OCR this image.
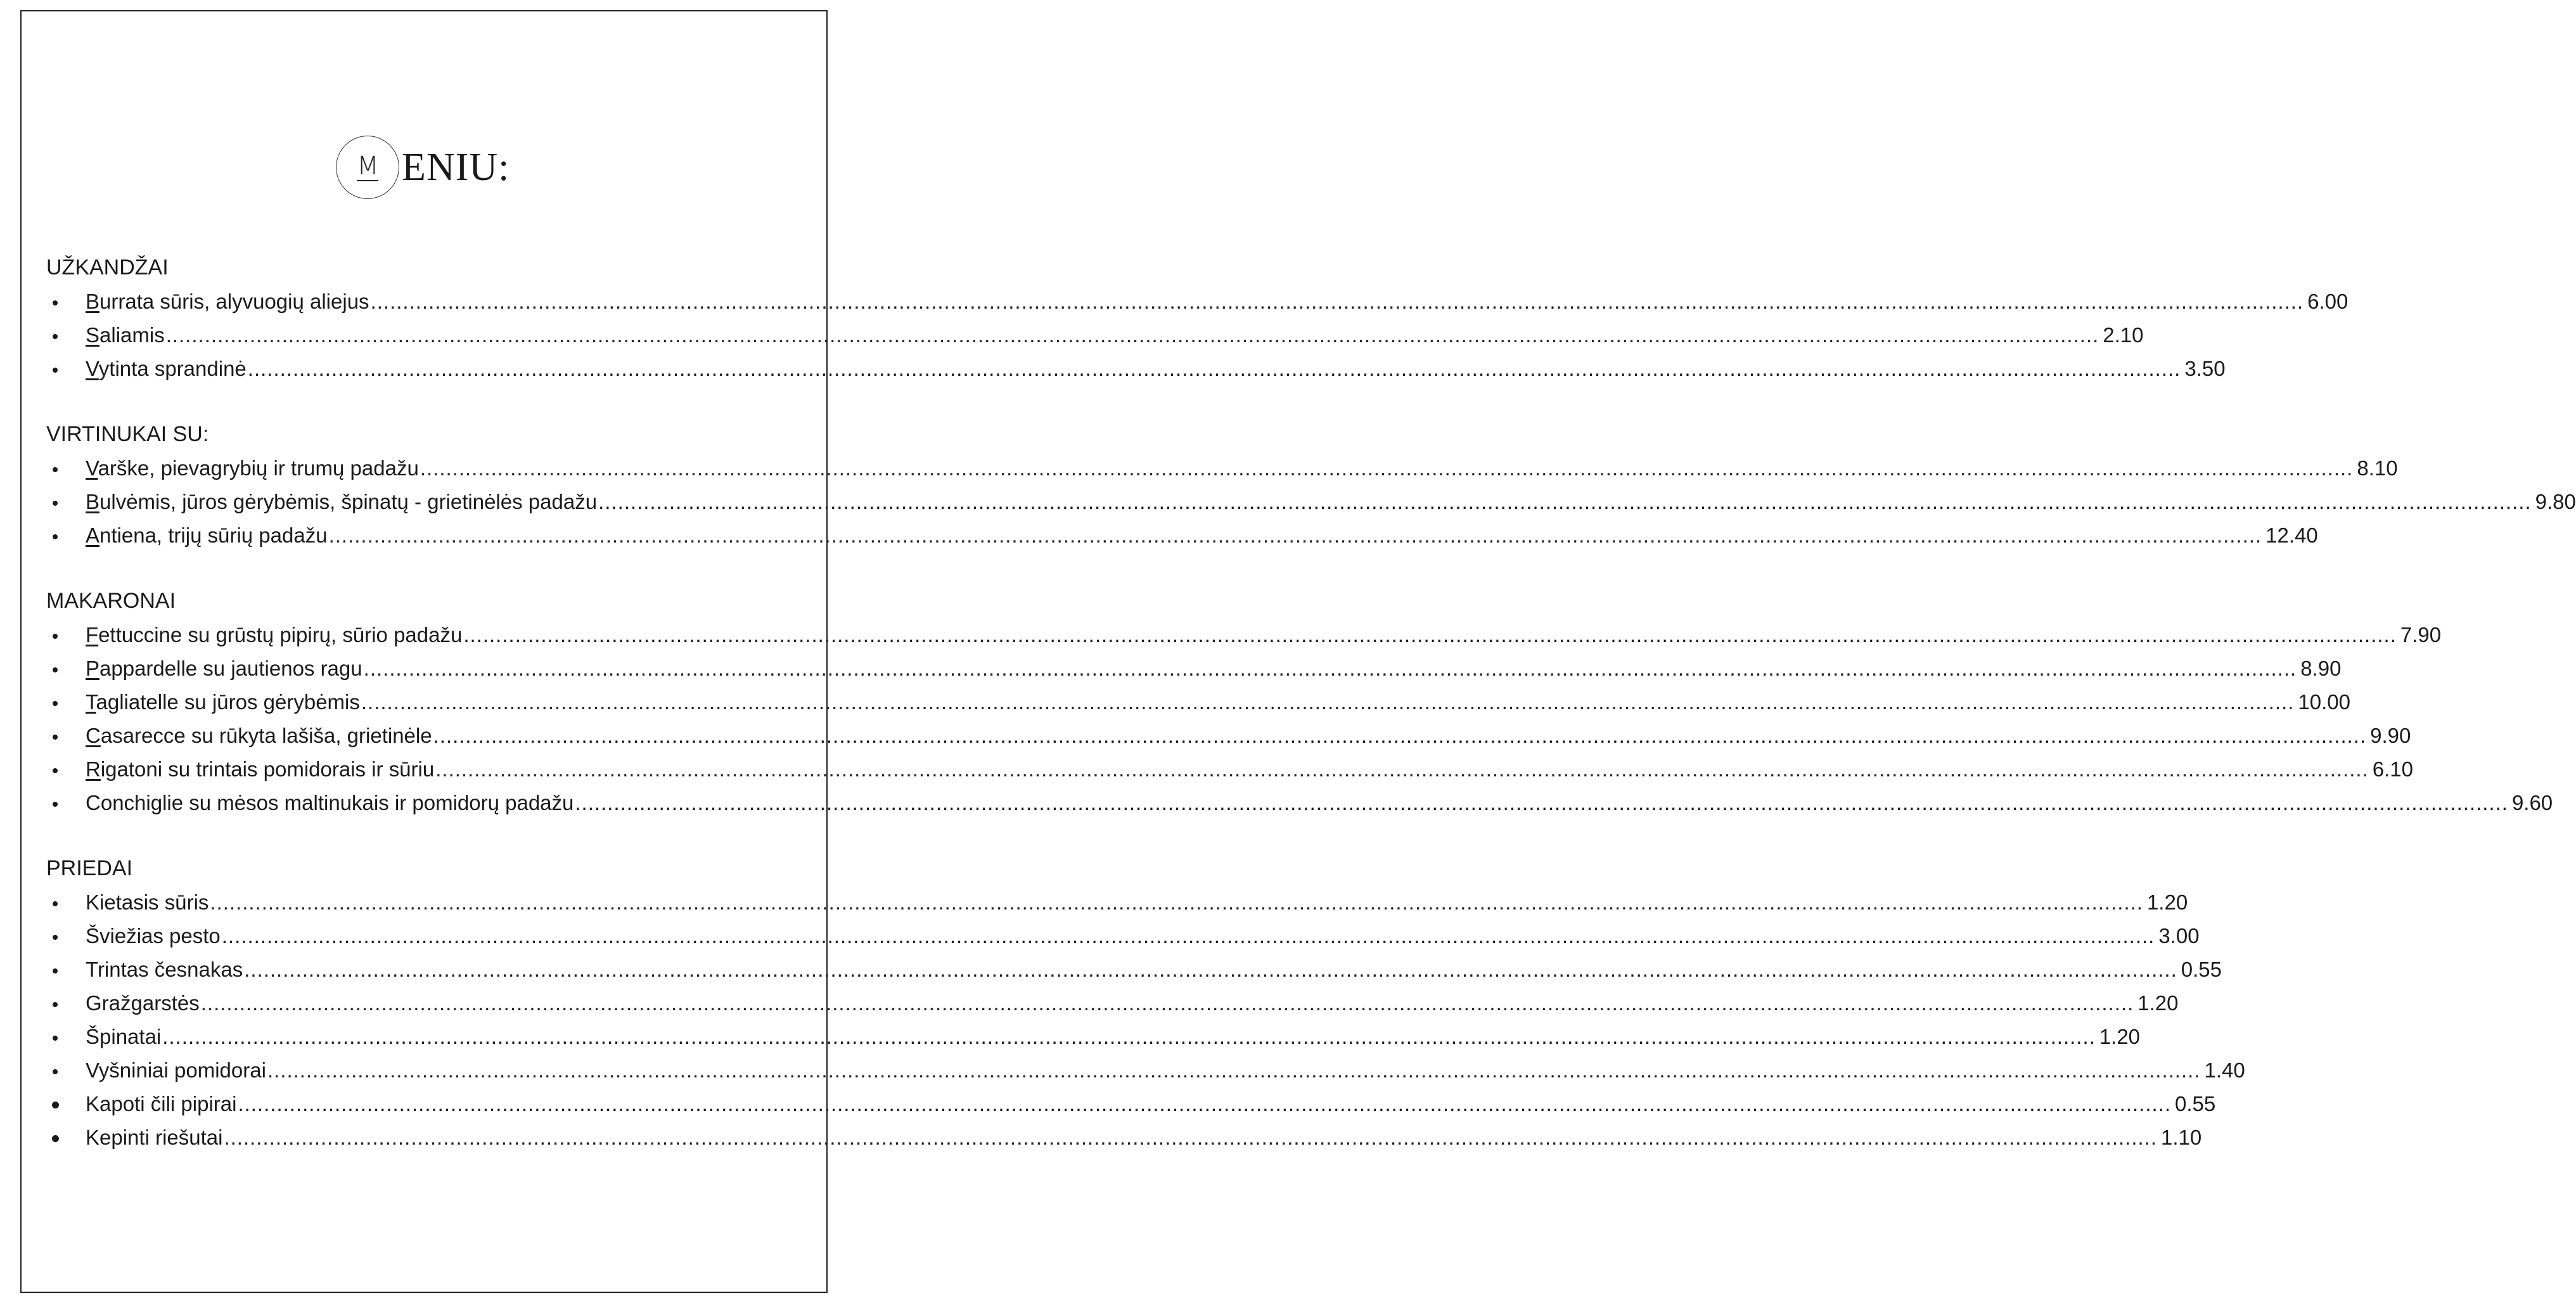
M ENIU:
UŽKANDŽAI
Burrata sūris, alyvuogių aliejus ............................................................................................................................................................................................................................................................................................................ 6.00
Saliamis ............................................................................................................................................................................................................................................................................................................ 2.10
Vytinta sprandinė ............................................................................................................................................................................................................................................................................................................ 3.50
VIRTINUKAI SU:
Varške, pievagrybių ir trumų padažu ............................................................................................................................................................................................................................................................................................................ 8.10
Bulvėmis, jūros gėrybėmis, špinatų - grietinėlės padažu ............................................................................................................................................................................................................................................................................................................ 9.80
Antiena, trijų sūrių padažu ............................................................................................................................................................................................................................................................................................................ 12.40
MAKARONAI
Fettuccine su grūstų pipirų, sūrio padažu ............................................................................................................................................................................................................................................................................................................ 7.90
Pappardelle su jautienos ragu ............................................................................................................................................................................................................................................................................................................ 8.90
Tagliatelle su jūros gėrybėmis ............................................................................................................................................................................................................................................................................................................ 10.00
Casarecce su rūkyta lašiša, grietinėle ............................................................................................................................................................................................................................................................................................................ 9.90
Rigatoni su trintais pomidorais ir sūriu ............................................................................................................................................................................................................................................................................................................ 6.10
Conchiglie su mėsos maltinukais ir pomidorų padažu ............................................................................................................................................................................................................................................................................................................ 9.60
PRIEDAI
Kietasis sūris ............................................................................................................................................................................................................................................................................................................ 1.20
Šviežias pesto ............................................................................................................................................................................................................................................................................................................ 3.00
Trintas česnakas ............................................................................................................................................................................................................................................................................................................ 0.55
Gražgarstės ............................................................................................................................................................................................................................................................................................................ 1.20
Špinatai ............................................................................................................................................................................................................................................................................................................ 1.20
Vyšniniai pomidorai ............................................................................................................................................................................................................................................................................................................ 1.40
Kapoti čili pipirai ............................................................................................................................................................................................................................................................................................................ 0.55
Kepinti riešutai ............................................................................................................................................................................................................................................................................................................ 1.10
